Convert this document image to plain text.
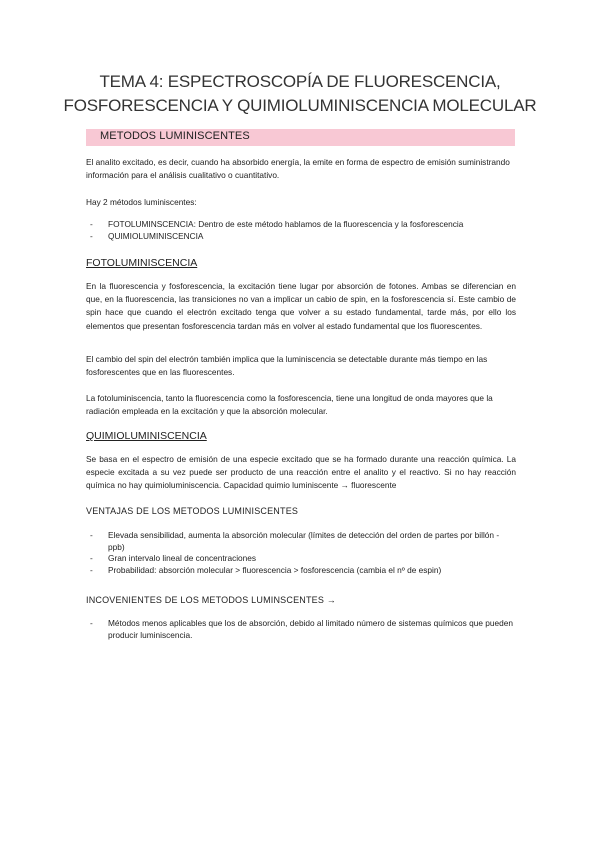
TEMA 4: ESPECTROSCOPÍA DE FLUORESCENCIA,
FOSFORESCENCIA Y QUIMIOLUMINISCENCIA MOLECULAR
METODOS LUMINISCENTES

El analito excitado, es decir, cuando ha absorbido energía, la emite en forma de espectro de emisión suministrando información para el análisis cualitativo o cuantitativo.

Hay 2 métodos luminiscentes:

- FOTOLUMINSCENCIA: Dentro de este método hablamos de la fluorescencia y la fosforescencia
- QUIMIOLUMINISCENCIA
FOTOLUMINISCENCIA

En la fluorescencia y fosforescencia, la excitación tiene lugar por absorción de fotones. Ambas se diferencian en que, en la fluorescencia, las transiciones no van a implicar un cabio de spin, en la fosforescencia sí. Este cambio de spin hace que cuando el electrón excitado tenga que volver a su estado fundamental, tarde más, por ello los elementos que presentan fosforescencia tardan más en volver al estado fundamental que los fluorescentes.

El cambio del spin del electrón también implica que la luminiscencia se detectable durante más tiempo en las fosforescentes que en las fluorescentes.

La fotoluminiscencia, tanto la fluorescencia como la fosforescencia, tiene una longitud de onda mayores que la radiación empleada en la excitación y que la absorción molecular.

QUIMIOLUMINISCENCIA

Se basa en el espectro de emisión de una especie excitado que se ha formado durante una reacción química. La especie excitada a su vez puede ser producto de una reacción entre el analito y el reactivo. Si no hay reacción química no hay quimioluminiscencia. Capacidad quimio luminiscente → fluorescente

VENTAJAS DE LOS METODOS LUMINISCENTES
- Elevada sensibilidad, aumenta la absorción molecular (límites de detección del orden de partes por billón - ppb)
- Gran intervalo lineal de concentraciones
- Probabilidad: absorción molecular > fluorescencia > fosforescencia (cambia el nº de espin)
INCOVENIENTES DE LOS METODOS LUMINSCENTES →
- Métodos menos aplicables que los de absorción, debido al limitado número de sistemas químicos que pueden producir luminiscencia.
